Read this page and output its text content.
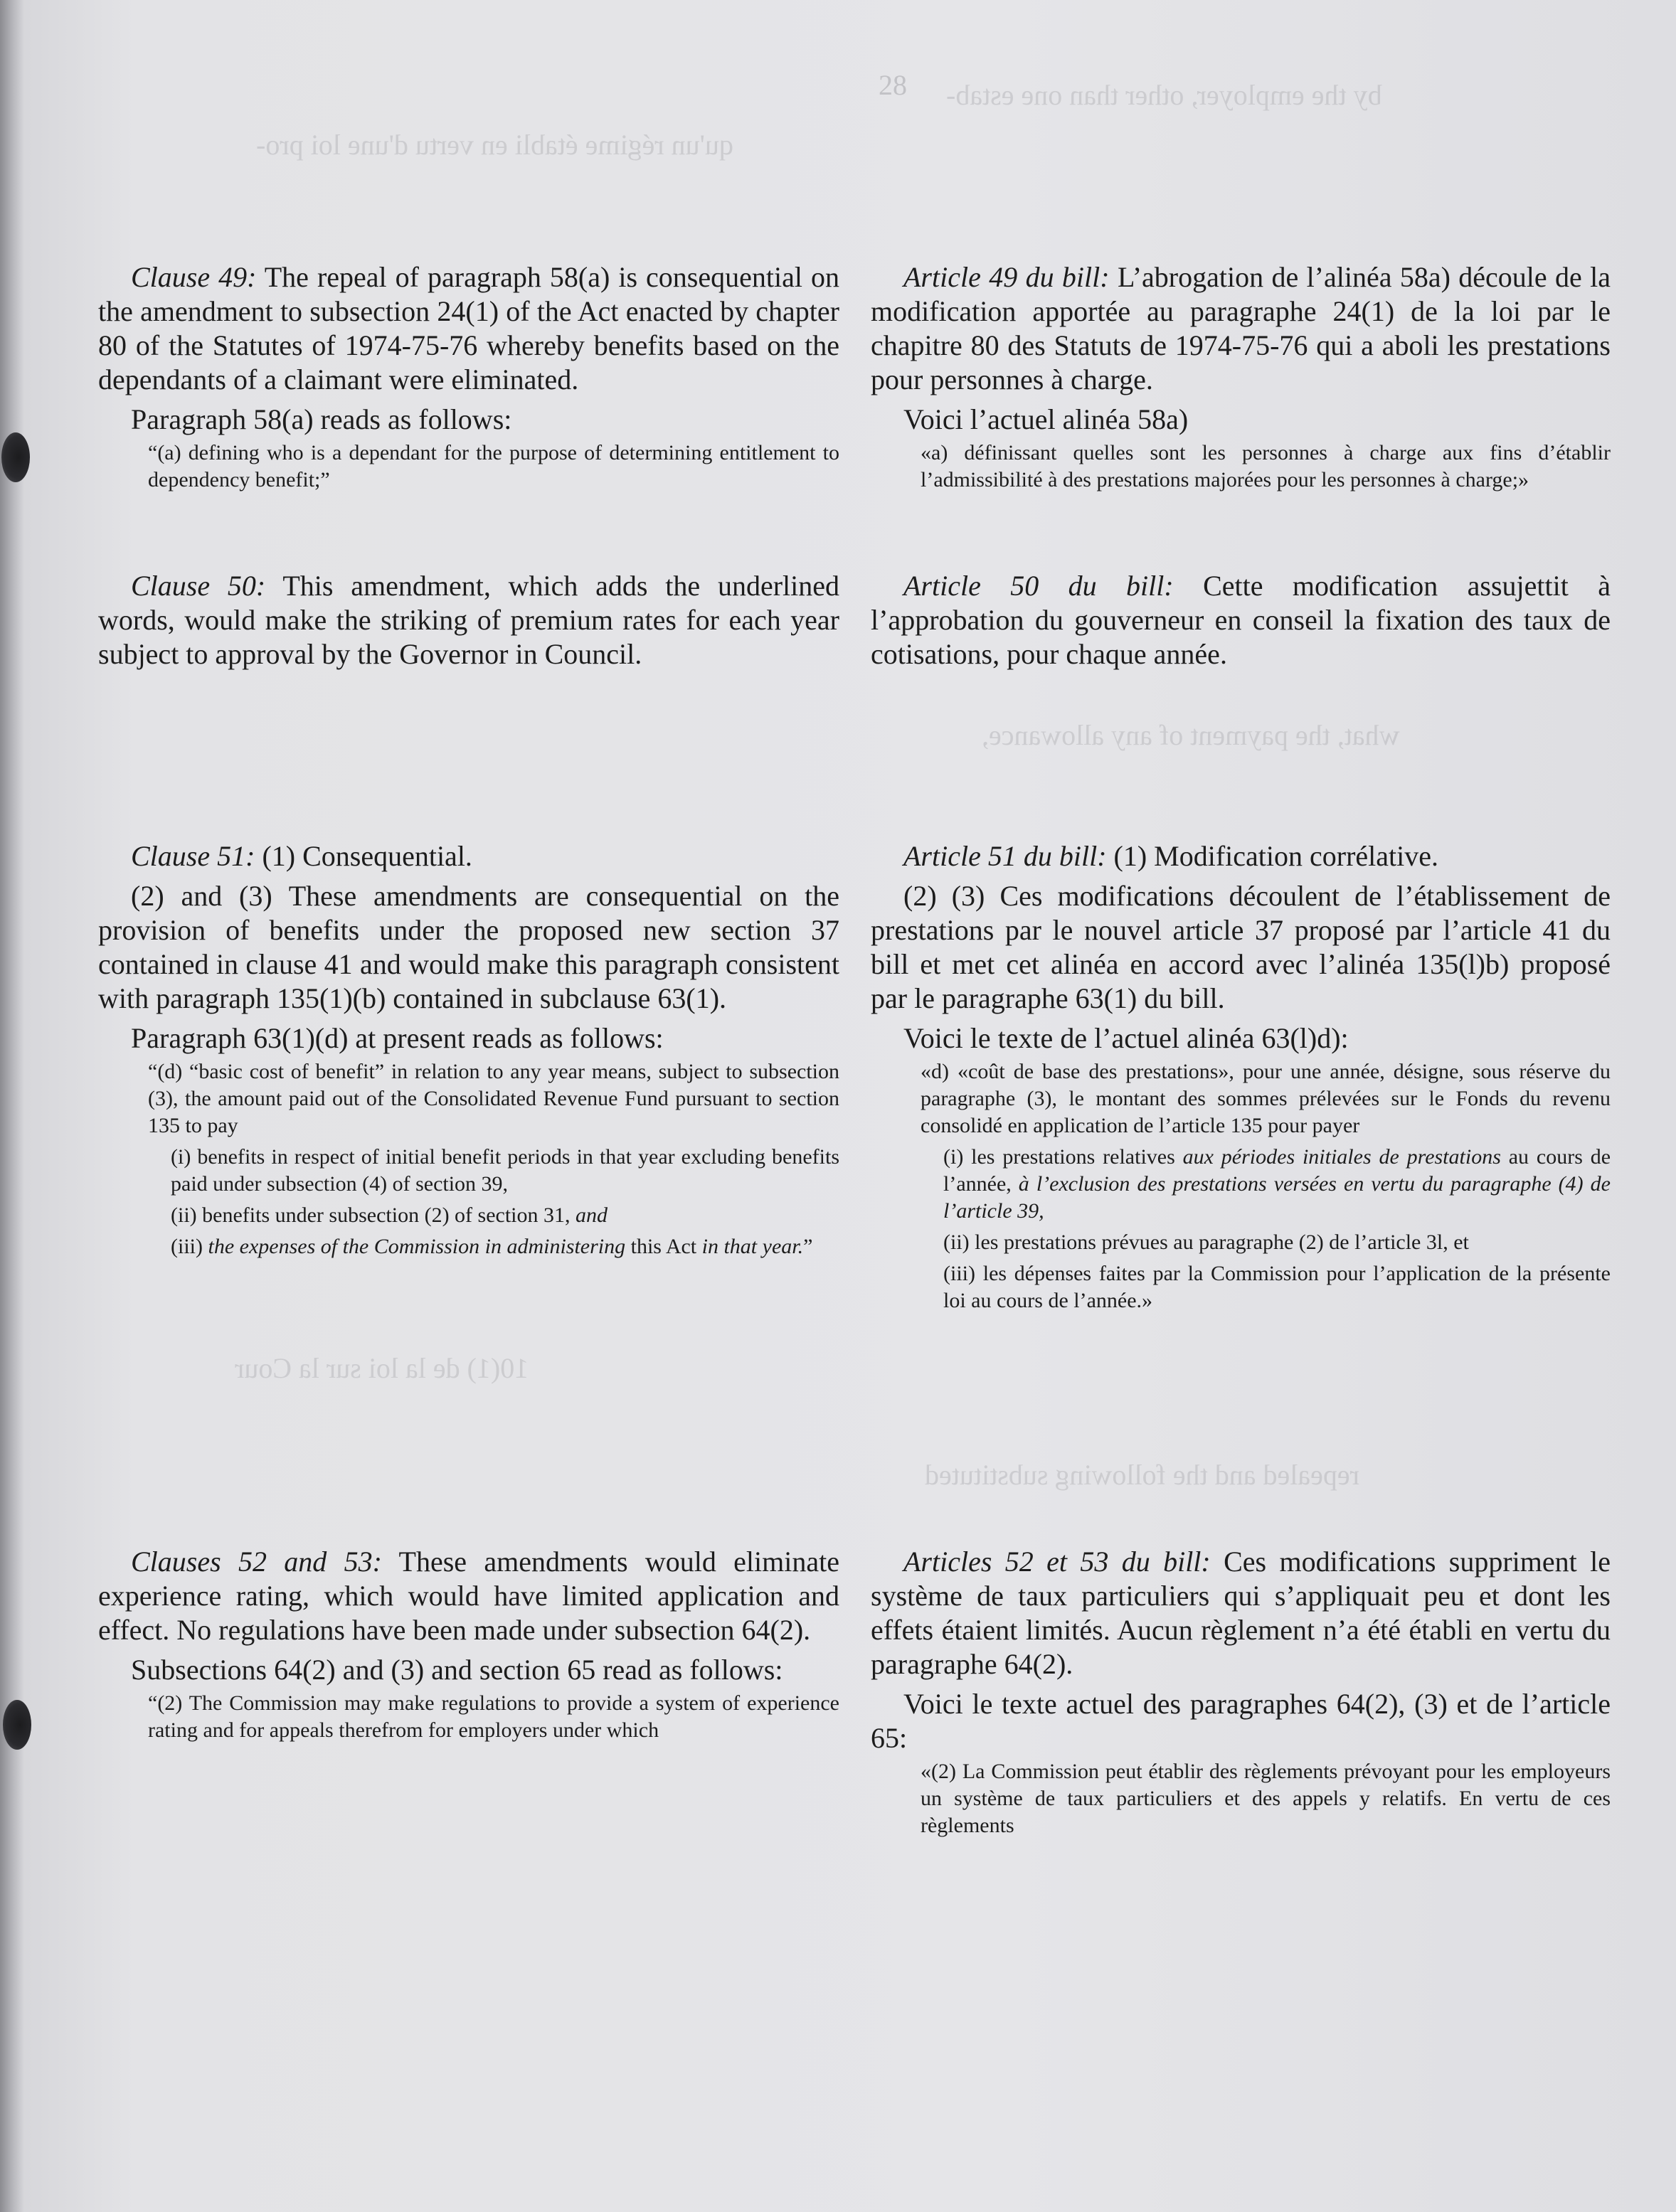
by the employer, other than one estab-
qu'un régime établi en vertu d'une loi pro-
what, the payment of any allowance,
10(1) de la loi sur la Cour
repealed and the following substituted
28

Clause 49: The repeal of paragraph 58(a) is consequential on the amendment to subsection 24(1) of the Act enacted by chapter 80 of the Statutes of 1974-75-76 whereby benefits based on the dependants of a claimant were eliminated.

Paragraph 58(a) reads as follows:

“(a) defining who is a dependant for the purpose of determining entitlement to dependency benefit;”

Clause 50: This amendment, which adds the underlined words, would make the striking of premium rates for each year subject to approval by the Governor in Council.

Clause 51: (1) Consequential.

(2) and (3) These amendments are consequential on the provision of benefits under the proposed new section 37 contained in clause 41 and would make this paragraph consistent with paragraph 135(1)(b) contained in subclause 63(1).

Paragraph 63(1)(d) at present reads as follows:

“(d) “basic cost of benefit” in relation to any year means, subject to subsection (3), the amount paid out of the Consolidated Revenue Fund pursuant to section 135 to pay

(i) benefits in respect of initial benefit periods in that year excluding benefits paid under subsection (4) of section 39,

(ii) benefits under subsection (2) of section 31, and

(iii) the expenses of the Commission in administering this Act in that year.”

Clauses 52 and 53: These amendments would eliminate experience rating, which would have limited application and effect. No regulations have been made under subsection 64(2).

Subsections 64(2) and (3) and section 65 read as follows:

“(2) The Commission may make regulations to provide a system of experience rating and for appeals therefrom for employers under which

Article 49 du bill: L’abrogation de l’alinéa 58a) découle de la modification apportée au paragraphe 24(1) de la loi par le chapitre 80 des Statuts de 1974-75-76 qui a aboli les prestations pour personnes à charge.

Voici l’actuel alinéa 58a)

«a) définissant quelles sont les personnes à charge aux fins d’établir l’admissibilité à des prestations majorées pour les personnes à charge;»

Article 50 du bill: Cette modification assujettit à l’approbation du gouverneur en conseil la fixation des taux de cotisations, pour chaque année.

Article 51 du bill: (1) Modification corrélative.

(2) (3) Ces modifications découlent de l’établissement de prestations par le nouvel article 37 proposé par l’article 41 du bill et met cet alinéa en accord avec l’alinéa 135(l)b) proposé par le paragraphe 63(1) du bill.

Voici le texte de l’actuel alinéa 63(l)d):

«d) «coût de base des prestations», pour une année, désigne, sous réserve du paragraphe (3), le montant des sommes prélevées sur le Fonds du revenu consolidé en application de l’article 135 pour payer

(i) les prestations relatives aux périodes initiales de prestations au cours de l’année, à l’exclusion des prestations versées en vertu du paragraphe (4) de l’article 39,

(ii) les prestations prévues au paragraphe (2) de l’article 3l, et

(iii) les dépenses faites par la Commission pour l’application de la présente loi au cours de l’année.»

Articles 52 et 53 du bill: Ces modifications suppriment le système de taux particuliers qui s’appliquait peu et dont les effets étaient limités. Aucun règlement n’a été établi en vertu du paragraphe 64(2).

Voici le texte actuel des paragraphes 64(2), (3) et de l’article 65:

«(2) La Commission peut établir des règlements prévoyant pour les employeurs un système de taux particuliers et des appels y relatifs. En vertu de ces règlements
